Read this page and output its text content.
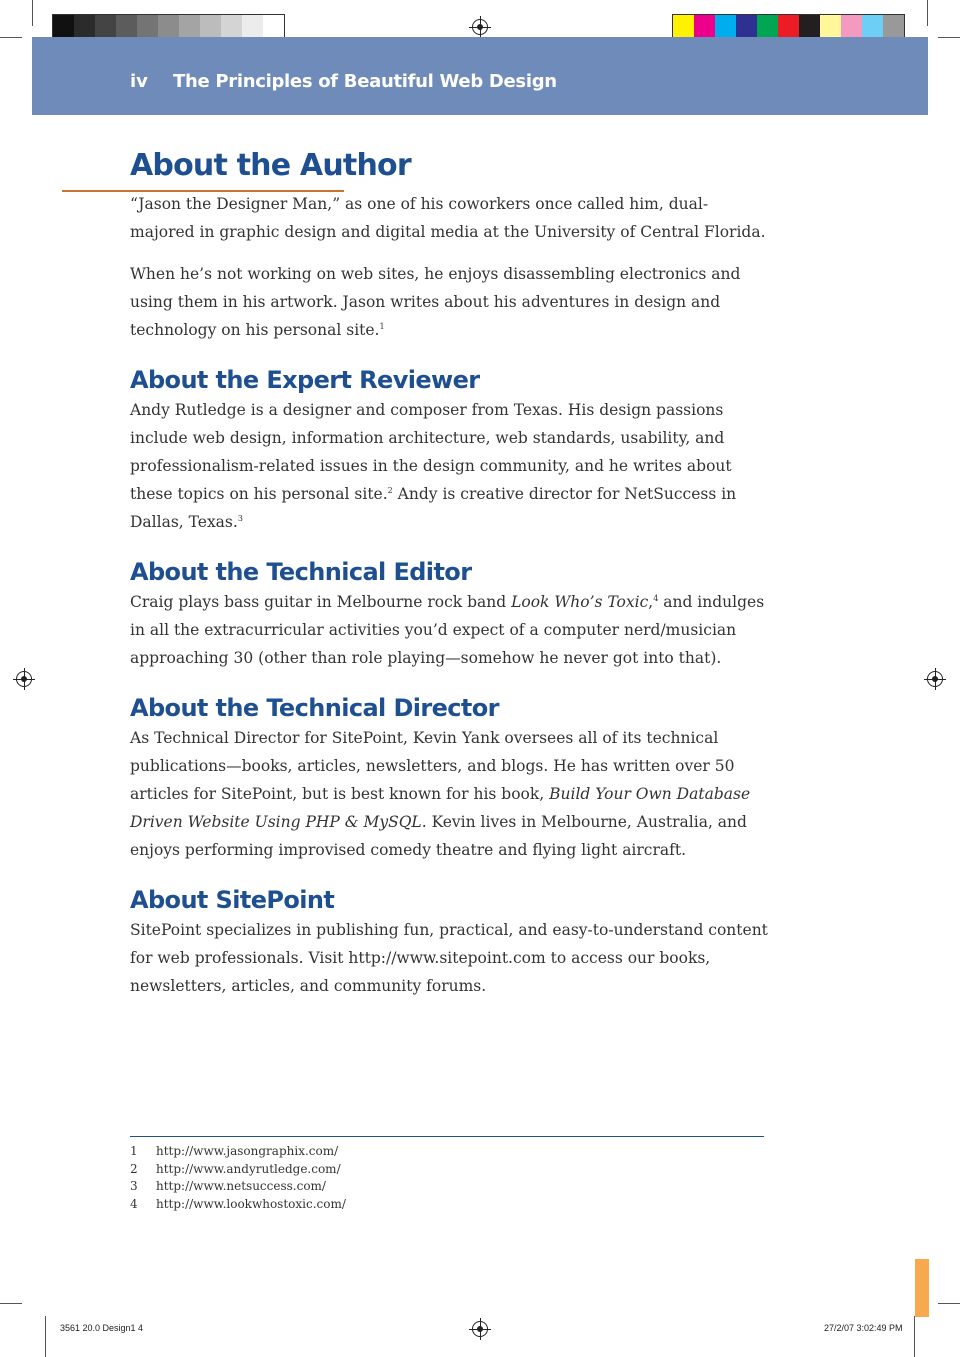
iv The Principles of Beautiful Web Design
About the Author

“Jason the Designer Man,” as one of his coworkers once called him, dual-majored in graphic design and digital media at the University of Central Florida.

When he’s not working on web sites, he enjoys disassembling electronics and using them in his artwork. Jason writes about his adventures in design and technology on his personal site.$^1$

About the Expert Reviewer

Andy Rutledge is a designer and composer from Texas. His design passions include web design, information architecture, web standards, usability, and professionalism-related issues in the design community, and he writes about these topics on his personal site.$^2$ Andy is creative director for NetSuccess in Dallas, Texas.$^3$

About the Technical Editor

Craig plays bass guitar in Melbourne rock band Look Who’s Toxic,$^4$ and indulges in all the extracurricular activities you’d expect of a computer nerd/musician approaching 30 (other than role playing—somehow he never got into that).

About the Technical Director

As Technical Director for SitePoint, Kevin Yank oversees all of its technical publications—books, articles, newsletters, and blogs. He has written over 50 articles for SitePoint, but is best known for his book, Build Your Own Database Driven Website Using PHP & MySQL. Kevin lives in Melbourne, Australia, and enjoys performing improvised comedy theatre and flying light aircraft.

About SitePoint

SitePoint specializes in publishing fun, practical, and easy-to-understand content for web professionals. Visit http://www.sitepoint.com to access our books, newsletters, articles, and community forums.

1	http://www.jasongraphix.com/
2	http://www.andyrutledge.com/
3	http://www.netsuccess.com/
4	http://www.lookwhostoxic.com/
3561 20.0 Design1 4	27/2/07 3:02:49 PM
